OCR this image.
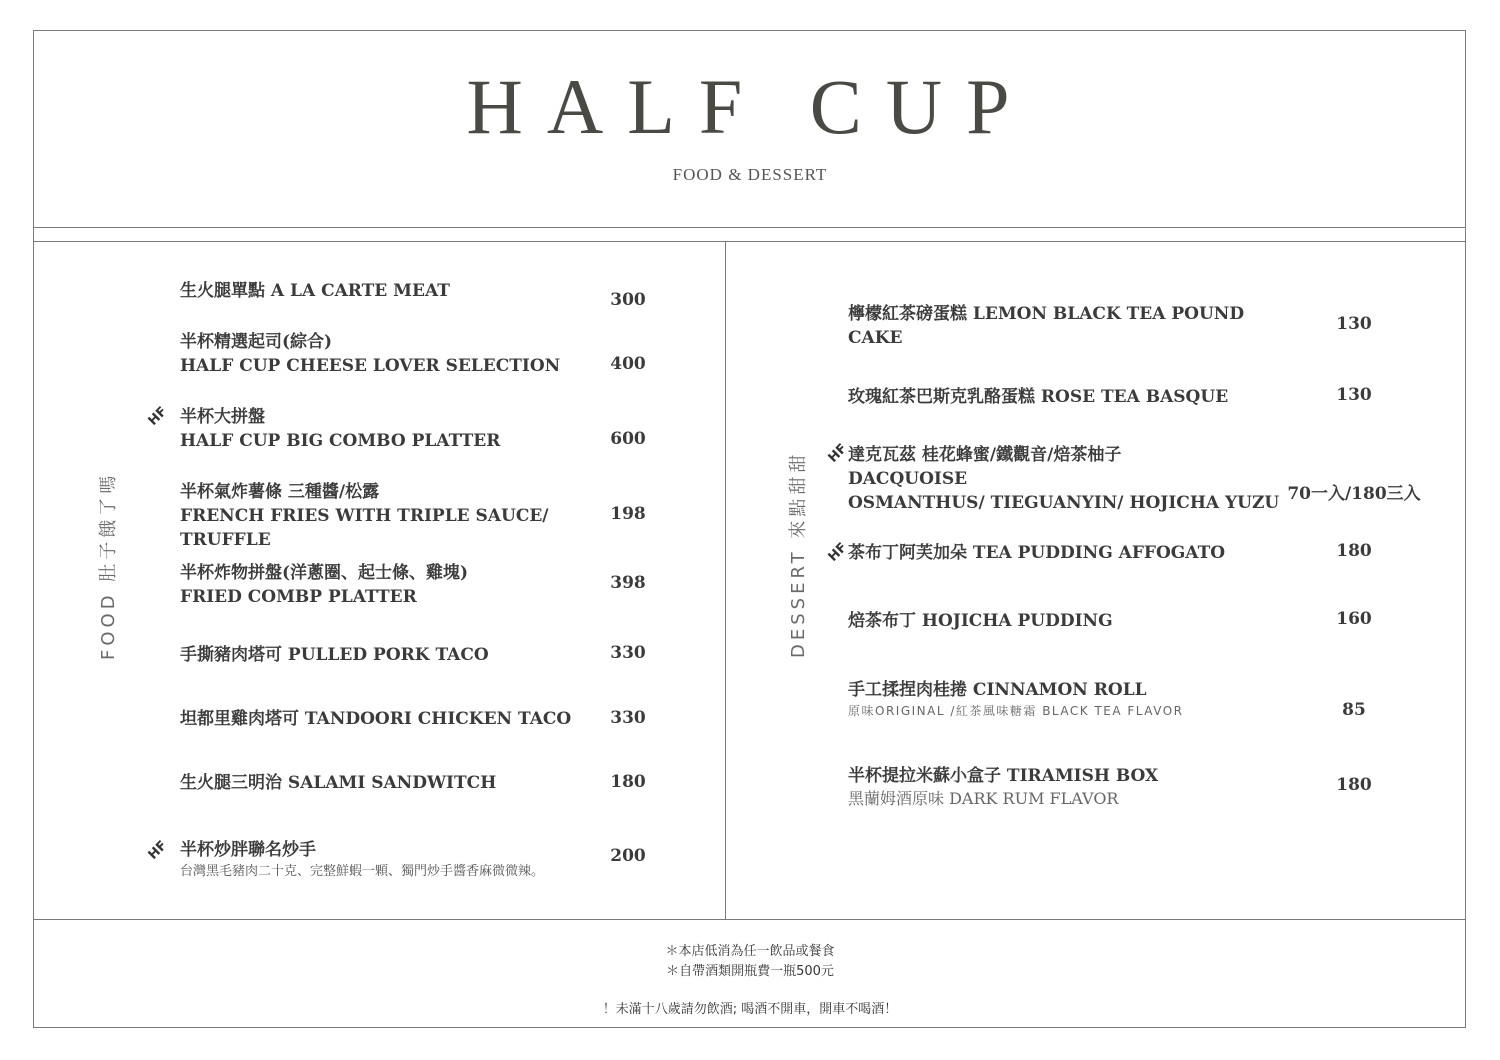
HALF CUP
FOOD & DESSERT
FOOD 肚子餓了嗎
生火腿單點 A LA CARTE MEAT	300
半杯精選起司(綜合)
HALF CUP CHEESE LOVER SELECTION	400
HF 半杯大拼盤
HALF CUP BIG COMBO PLATTER	600
半杯氣炸薯條 三種醬/松露
FRENCH FRIES WITH TRIPLE SAUCE/
TRUFFLE
198
半杯炸物拼盤(洋蔥圈、起士條、雞塊)
FRIED COMBP PLATTER
398
手撕豬肉塔可 PULLED PORK TACO	330
坦都里雞肉塔可 TANDOORI CHICKEN TACO	330
生火腿三明治 SALAMI SANDWITCH	180
HF 半杯炒胖聯名炒手
台灣黑毛豬肉二十克、完整鮮蝦一顆、獨門炒手醬香麻微微辣。
200
DESSERT 來點甜甜
檸檬紅茶磅蛋糕 LEMON BLACK TEA POUND
CAKE
130
玫瑰紅茶巴斯克乳酪蛋糕 ROSE TEA BASQUE	130
HF
達克瓦茲 桂花蜂蜜/鐵觀音/焙茶柚子
DACQUOISE
OSMANTHUS/ TIEGUANYIN/ HOJICHA YUZU 70一入/180三入
HF
茶布丁阿芙加朵 TEA PUDDING AFFOGATO	180
焙茶布丁 HOJICHA PUDDING	160
手工揉捏肉桂捲 CINNAMON ROLL
原味ORIGINAL /紅茶風味糖霜 BLACK TEA FLAVOR	85
半杯提拉米蘇小盒子 TIRAMISH BOX
黑蘭姆酒原味 DARK RUM FLAVOR
180
＊本店低消為任一飲品或餐食
＊自帶酒類開瓶費一瓶500元
！未滿十八歲請勿飲酒; 喝酒不開車，開車不喝酒！
